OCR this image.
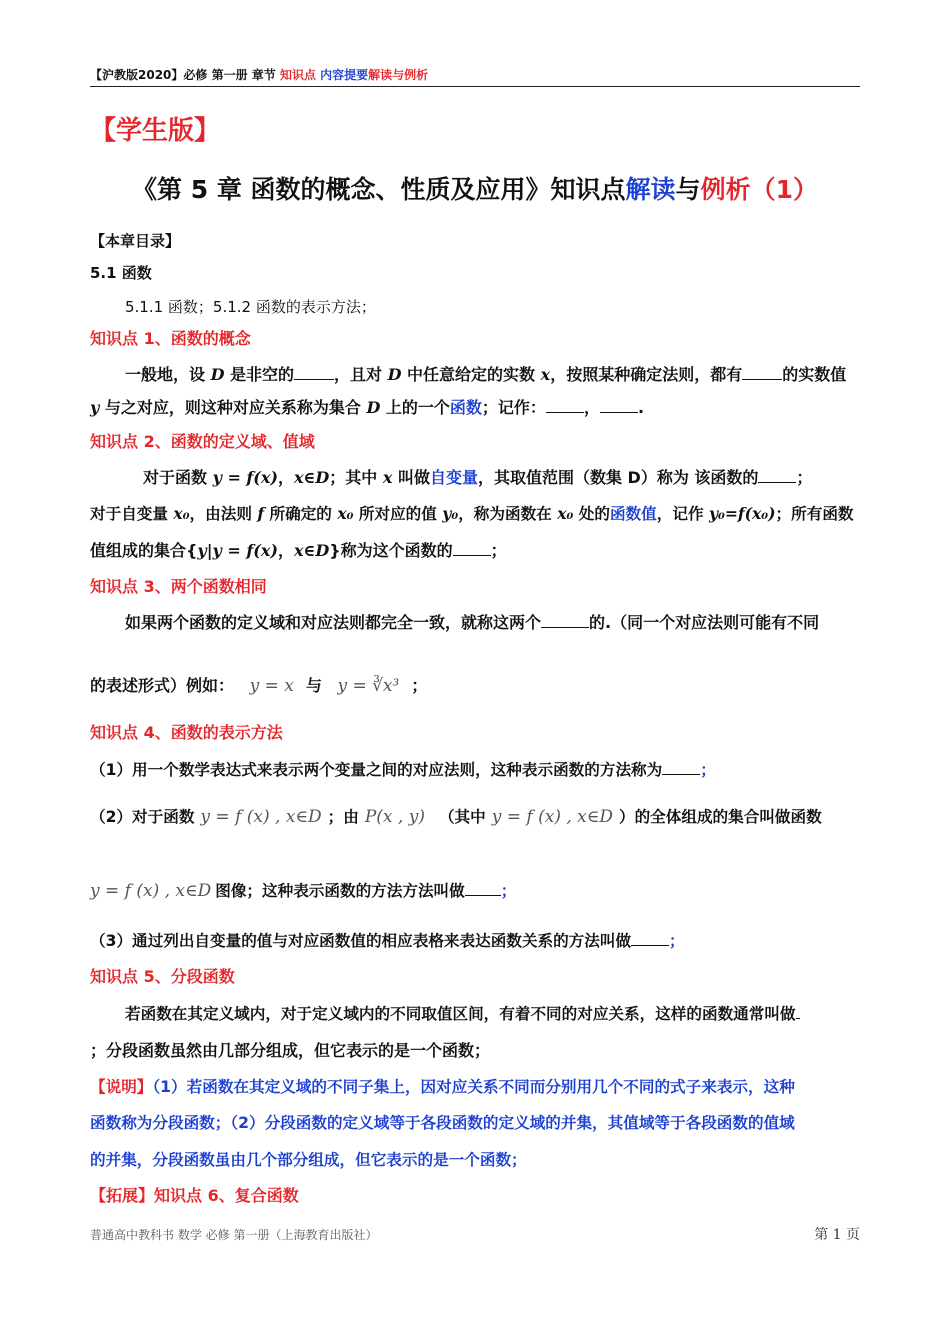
【沪教版2020】必修 第一册 章节 知识点 内容提要解读与例析
【学生版】
《第 5 章 函数的概念、性质及应用》知识点解读与例析（1）
【本章目录】
5.1 函数
5.1.1 函数；5.1.2 函数的表示方法；
知识点 1、函数的概念
一般地，设 D 是非空的	，且对 D 中任意给定的实数 x，按照某种确定法则，都有	的实数值
y 与之对应，则这种对应关系称为集合 D 上的一个函数；记作： ， .
知识点 2、函数的定义域、值域
对于函数 y = f(x)，x∈D；其中 x 叫做自变量，其取值范围（数集 D）称为 该函数的 ；
对于自变量 x₀，由法则 f 所确定的 x₀ 所对应的值 y₀，称为函数在 x₀ 处的函数值，记作 y₀=f(x₀)；所有函数
值组成的集合{y|y = f(x)，x∈D}称为这个函数的 ；
知识点 3、两个函数相同
如果两个函数的定义域和对应法则都完全一致，就称这两个	的.（同一个对应法则可能有不同
的表述形式）例如： y = x 与 y = ∛x³ ；
知识点 4、函数的表示方法
（1）用一个数学表达式来表示两个变量之间的对应法则，这种表示函数的方法称为 ；
（2）对于函数 y = f (x) , x∈D ；由 P(x , y) （其中 y = f (x) , x∈D ）的全体组成的集合叫做函数
y = f (x) , x∈D 图像；这种表示函数的方法方法叫做 ；
（3）通过列出自变量的值与对应函数值的相应表格来表达函数关系的方法叫做 ；
知识点 5、分段函数
若函数在其定义域内，对于定义域内的不同取值区间，有着不同的对应关系，这样的函数通常叫做
；分段函数虽然由几部分组成，但它表示的是一个函数；
【说明】（1）若函数在其定义域的不同子集上，因对应关系不同而分别用几个不同的式子来表示，这种
函数称为分段函数；（2）分段函数的定义域等于各段函数的定义域的并集，其值域等于各段函数的值域
的并集，分段函数虽由几个部分组成，但它表示的是一个函数；
【拓展】知识点 6、复合函数
普通高中教科书 数学 必修 第一册（上海教育出版社）	第 1 页
